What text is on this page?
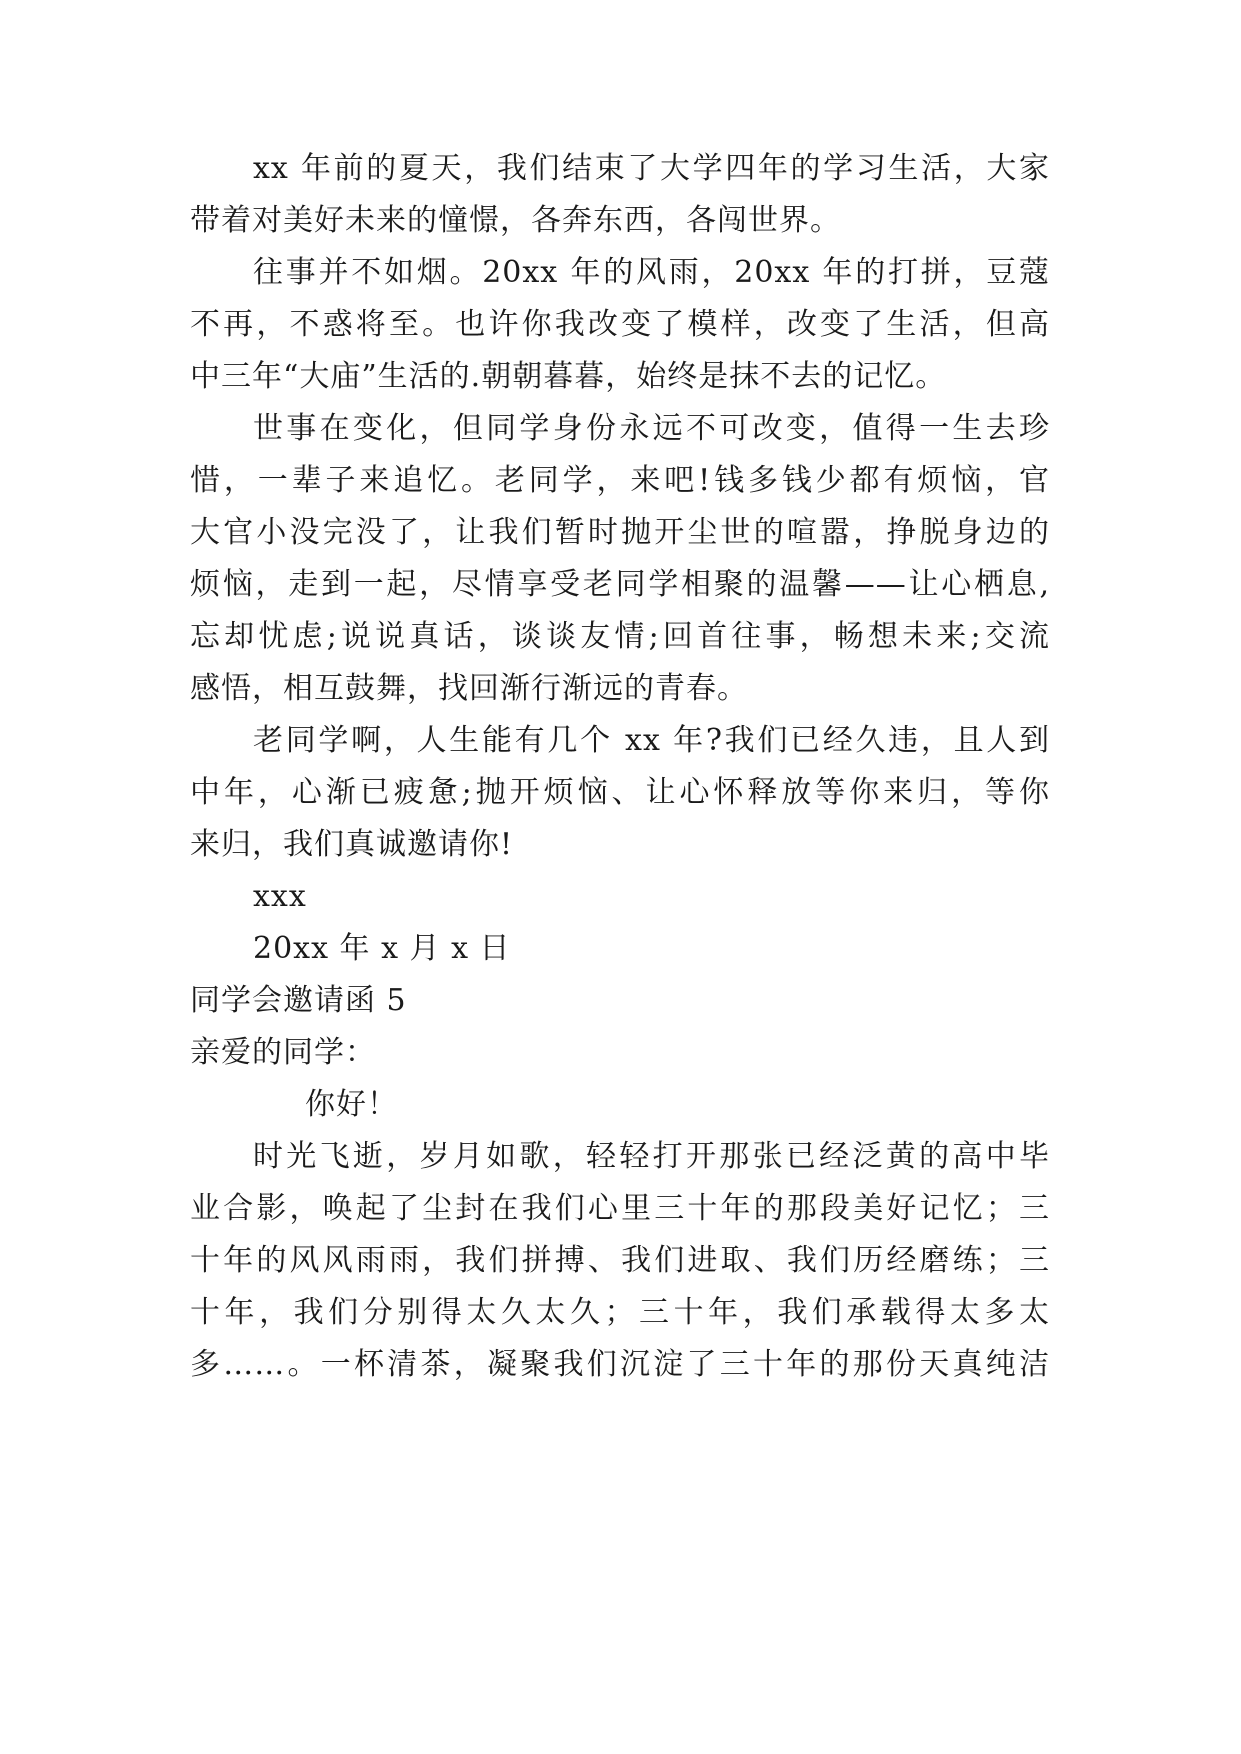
xx 年前的夏天，我们结束了大学四年的学习生活，大家
带着对美好未来的憧憬，各奔东西，各闯世界。
往事并不如烟。20xx 年的风雨，20xx 年的打拼，豆蔻
不再，不惑将至。也许你我改变了模样，改变了生活，但高
中三年“大庙”生活的.朝朝暮暮，始终是抹不去的记忆。
世事在变化，但同学身份永远不可改变，值得一生去珍
惜，一辈子来追忆。老同学，来吧!钱多钱少都有烦恼，官
大官小没完没了，让我们暂时抛开尘世的喧嚣，挣脱身边的
烦恼，走到一起，尽情享受老同学相聚的温馨——让心栖息,
忘却忧虑;说说真话，谈谈友情;回首往事，畅想未来;交流
感悟，相互鼓舞，找回渐行渐远的青春。
老同学啊，人生能有几个 xx 年?我们已经久违，且人到
中年，心渐已疲惫;抛开烦恼、让心怀释放等你来归，等你
来归，我们真诚邀请你!
xxx
20xx 年 x 月 x 日
同学会邀请函 5
亲爱的同学：
你好！
时光飞逝，岁月如歌，轻轻打开那张已经泛黄的高中毕
业合影，唤起了尘封在我们心里三十年的那段美好记忆；三
十年的风风雨雨，我们拼搏、我们进取、我们历经磨练；三
十年，我们分别得太久太久；三十年，我们承载得太多太
多……。一杯清茶，凝聚我们沉淀了三十年的那份天真纯洁
